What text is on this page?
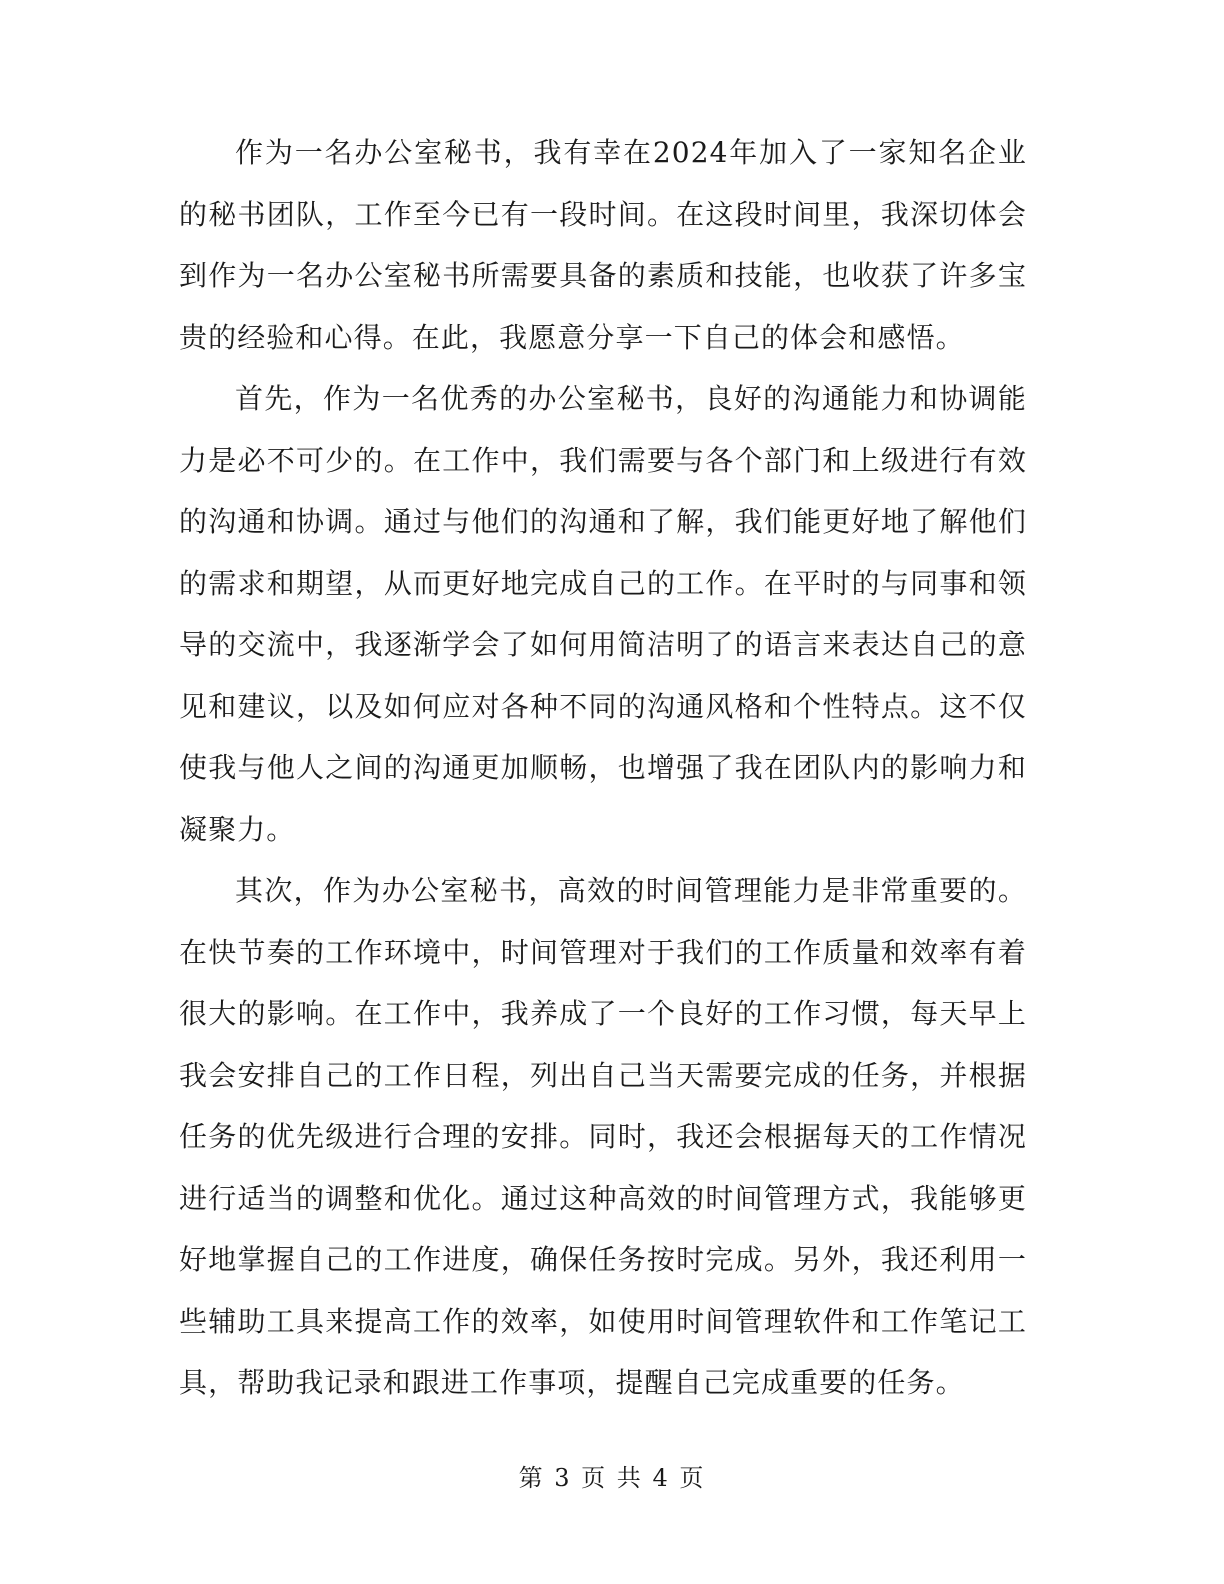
作为一名办公室秘书，我有幸在2024年加入了一家知名企业的秘书团队，工作至今已有一段时间。在这段时间里，我深切体会到作为一名办公室秘书所需要具备的素质和技能，也收获了许多宝贵的经验和心得。在此，我愿意分享一下自己的体会和感悟。

首先，作为一名优秀的办公室秘书，良好的沟通能力和协调能力是必不可少的。在工作中，我们需要与各个部门和上级进行有效的沟通和协调。通过与他们的沟通和了解，我们能更好地了解他们的需求和期望，从而更好地完成自己的工作。在平时的与同事和领导的交流中，我逐渐学会了如何用简洁明了的语言来表达自己的意见和建议，以及如何应对各种不同的沟通风格和个性特点。这不仅使我与他人之间的沟通更加顺畅，也增强了我在团队内的影响力和凝聚力。

其次，作为办公室秘书，高效的时间管理能力是非常重要的。在快节奏的工作环境中，时间管理对于我们的工作质量和效率有着很大的影响。在工作中，我养成了一个良好的工作习惯，每天早上我会安排自己的工作日程，列出自己当天需要完成的任务，并根据任务的优先级进行合理的安排。同时，我还会根据每天的工作情况进行适当的调整和优化。通过这种高效的时间管理方式，我能够更好地掌握自己的工作进度，确保任务按时完成。另外，我还利用一些辅助工具来提高工作的效率，如使用时间管理软件和工作笔记工具，帮助我记录和跟进工作事项，提醒自己完成重要的任务。

第 3 页 共 4 页
